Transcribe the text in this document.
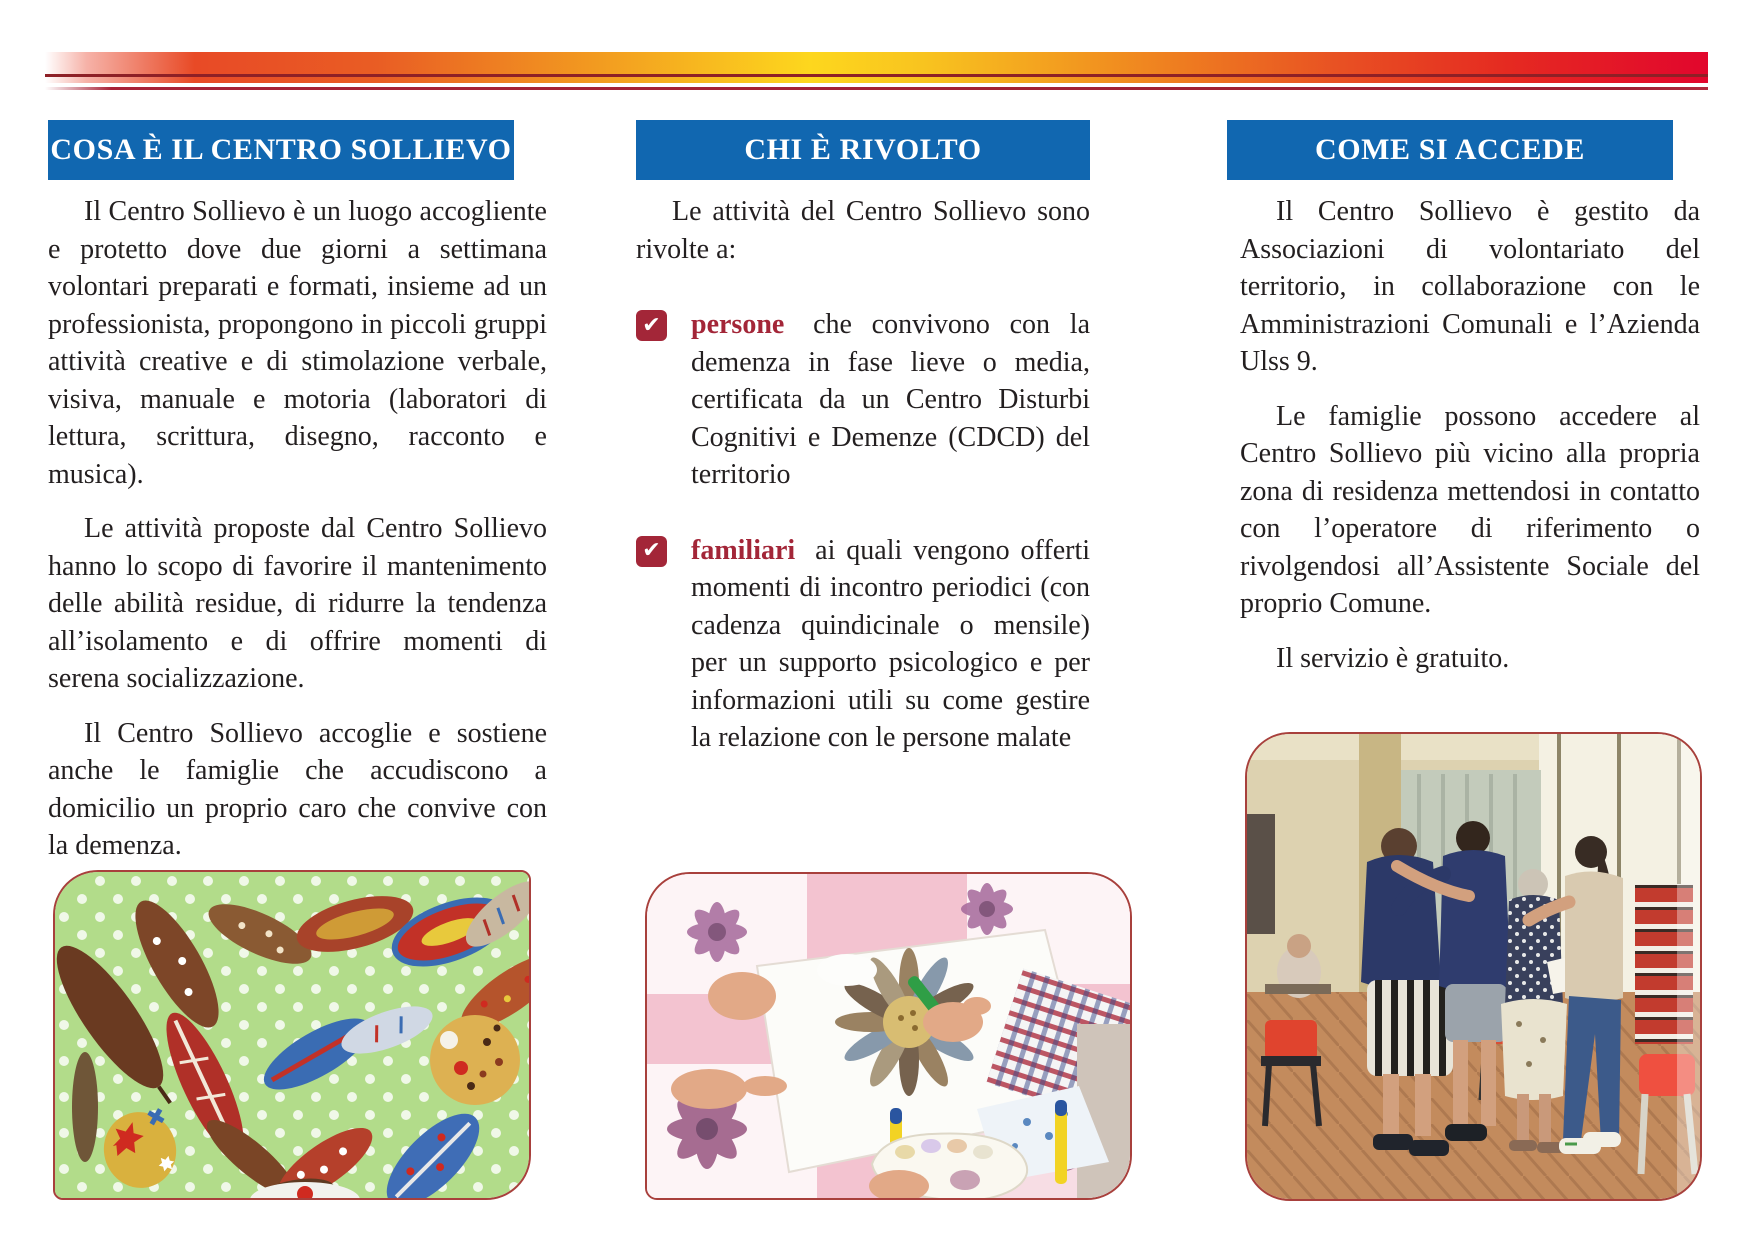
COSA È IL CENTRO SOLLIEVO

Il Centro Sollievo è un luogo accogliente e protetto dove due giorni a settimana volontari preparati e formati, insieme ad un professionista, propongono in piccoli gruppi attività creative e di stimolazione verbale, visiva, manuale e motoria (laboratori di lettura, scrittura, disegno, racconto e musica).

Le attività proposte dal Centro Sollievo hanno lo scopo di favorire il mantenimento delle abilità residue, di ridurre la tendenza all’isolamento e di offrire momenti di serena socializzazione.

Il Centro Sollievo accoglie e sostiene anche le famiglie che accudiscono a domicilio un proprio caro che convive con la demenza.

CHI È RIVOLTO

Le attività del Centro Sollievo sono rivolte a:

✔ persone che convivono con la demenza in fase lieve o media, certificata da un Centro Disturbi Cognitivi e Demenze (CDCD) del territorio
✔ familiari ai quali vengono offerti momenti di incontro periodici (con cadenza quindicinale o mensile) per un supporto psicologico e per informazioni utili su come gestire la relazione con le persone malate
COME SI ACCEDE

Il Centro Sollievo è gestito da Associazioni di volontariato del territorio, in collaborazione con le Amministrazioni Comunali e l’Azienda Ulss 9.

Le famiglie possono accedere al Centro Sollievo più vicino alla propria zona di residenza mettendosi in contatto con l’operatore di riferimento o rivolgendosi all’Assistente Sociale del proprio Comune.

Il servizio è gratuito.
